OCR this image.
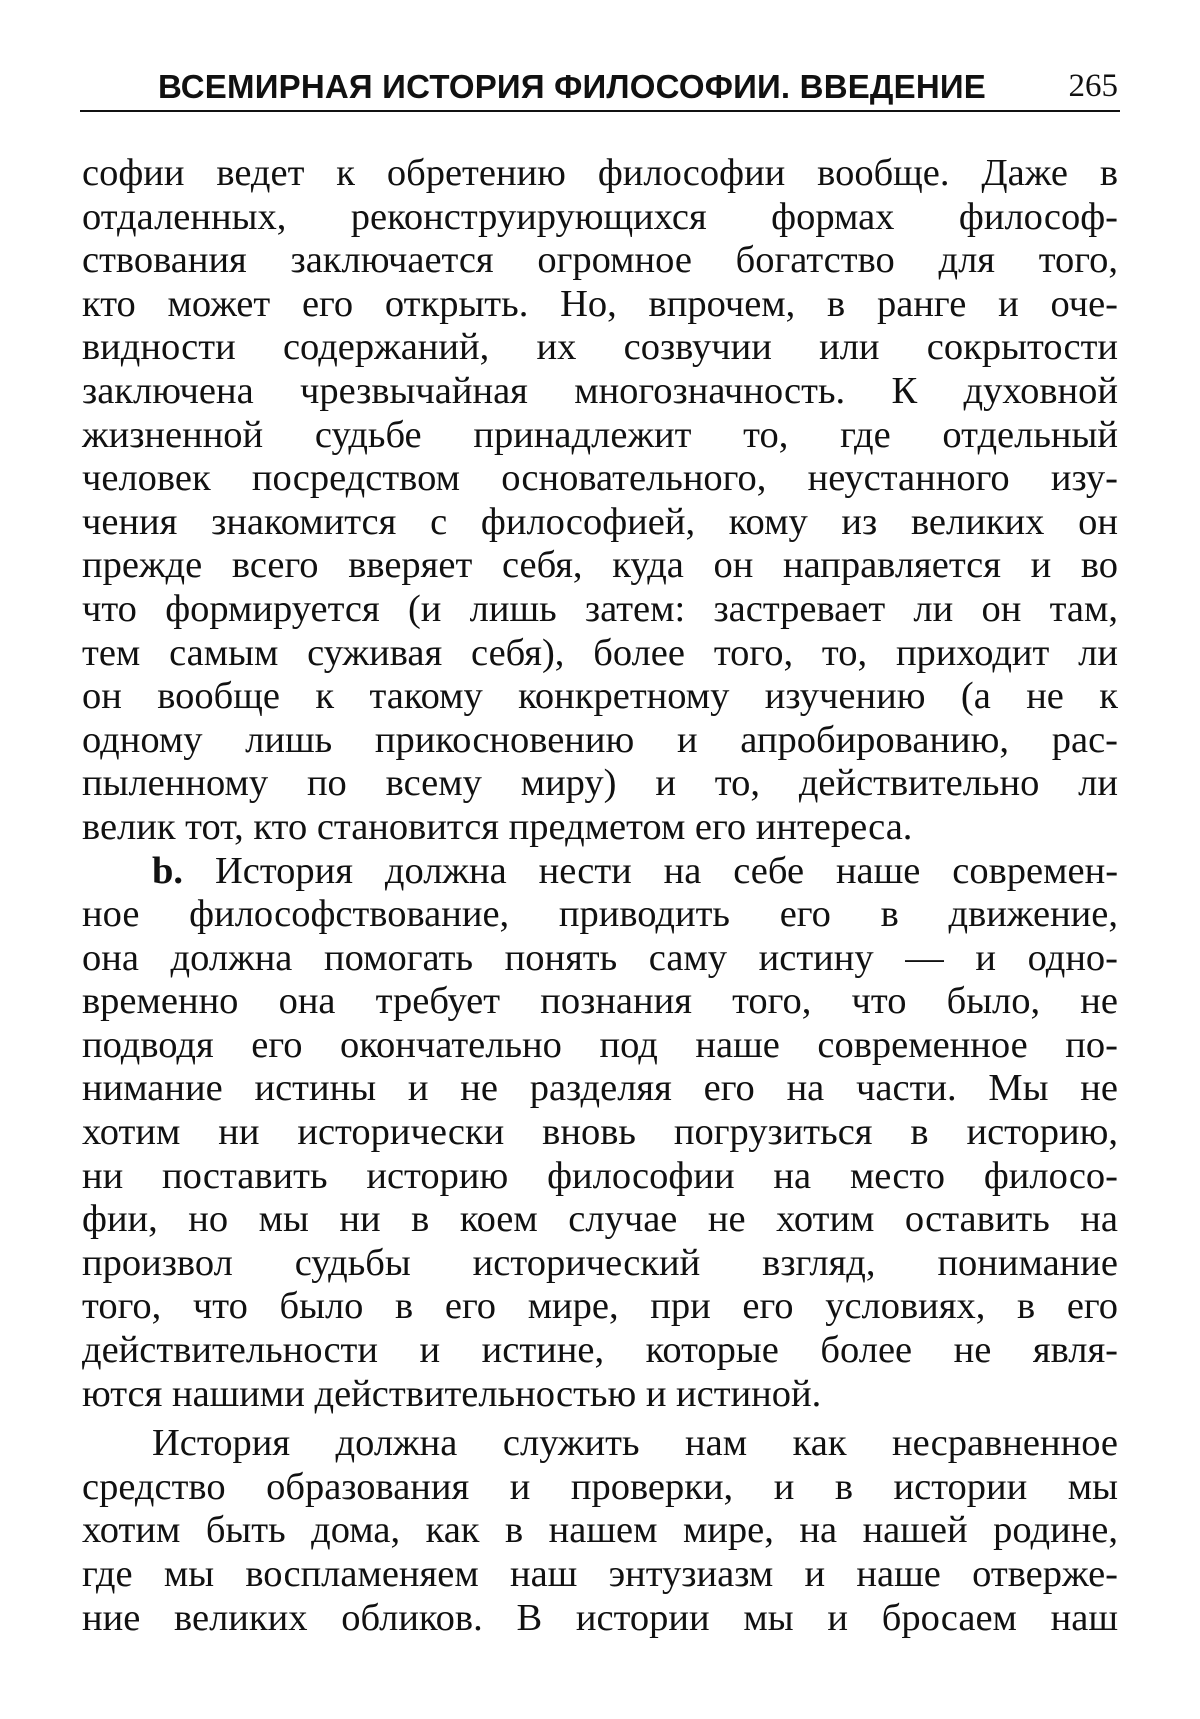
ВСЕМИРНАЯ ИСТОРИЯ ФИЛОСОФИИ. ВВЕДЕНИЕ 265
софии ведет к обретению философии вообще. Даже в
отдаленных, реконструирующихся формах философ-
ствования заключается огромное богатство для того,
кто может его открыть. Но, впрочем, в ранге и оче-
видности содержаний, их созвучии или сокрытости
заключена чрезвычайная многозначность. К духовной
жизненной судьбе принадлежит то, где отдельный
человек посредством основательного, неустанного изу-
чения знакомится с философией, кому из великих он
прежде всего вверяет себя, куда он направляется и во
что формируется (и лишь затем: застревает ли он там,
тем самым суживая себя), более того, то, приходит ли
он вообще к такому конкретному изучению (а не к
одному лишь прикосновению и апробированию, рас-
пыленному по всему миру) и то, действительно ли
велик тот, кто становится предметом его интереса.
b. История должна нести на себе наше современ-
ное философствование, приводить его в движение,
она должна помогать понять саму истину — и одно-
временно она требует познания того, что было, не
подводя его окончательно под наше современное по-
нимание истины и не разделяя его на части. Мы не
хотим ни исторически вновь погрузиться в историю,
ни поставить историю философии на место филосо-
фии, но мы ни в коем случае не хотим оставить на
произвол судьбы исторический взгляд, понимание
того, что было в его мире, при его условиях, в его
действительности и истине, которые более не явля-
ются нашими действительностью и истиной.
История должна служить нам как несравненное
средство образования и проверки, и в истории мы
хотим быть дома, как в нашем мире, на нашей родине,
где мы воспламеняем наш энтузиазм и наше отверже-
ние великих обликов. В истории мы и бросаем наш
